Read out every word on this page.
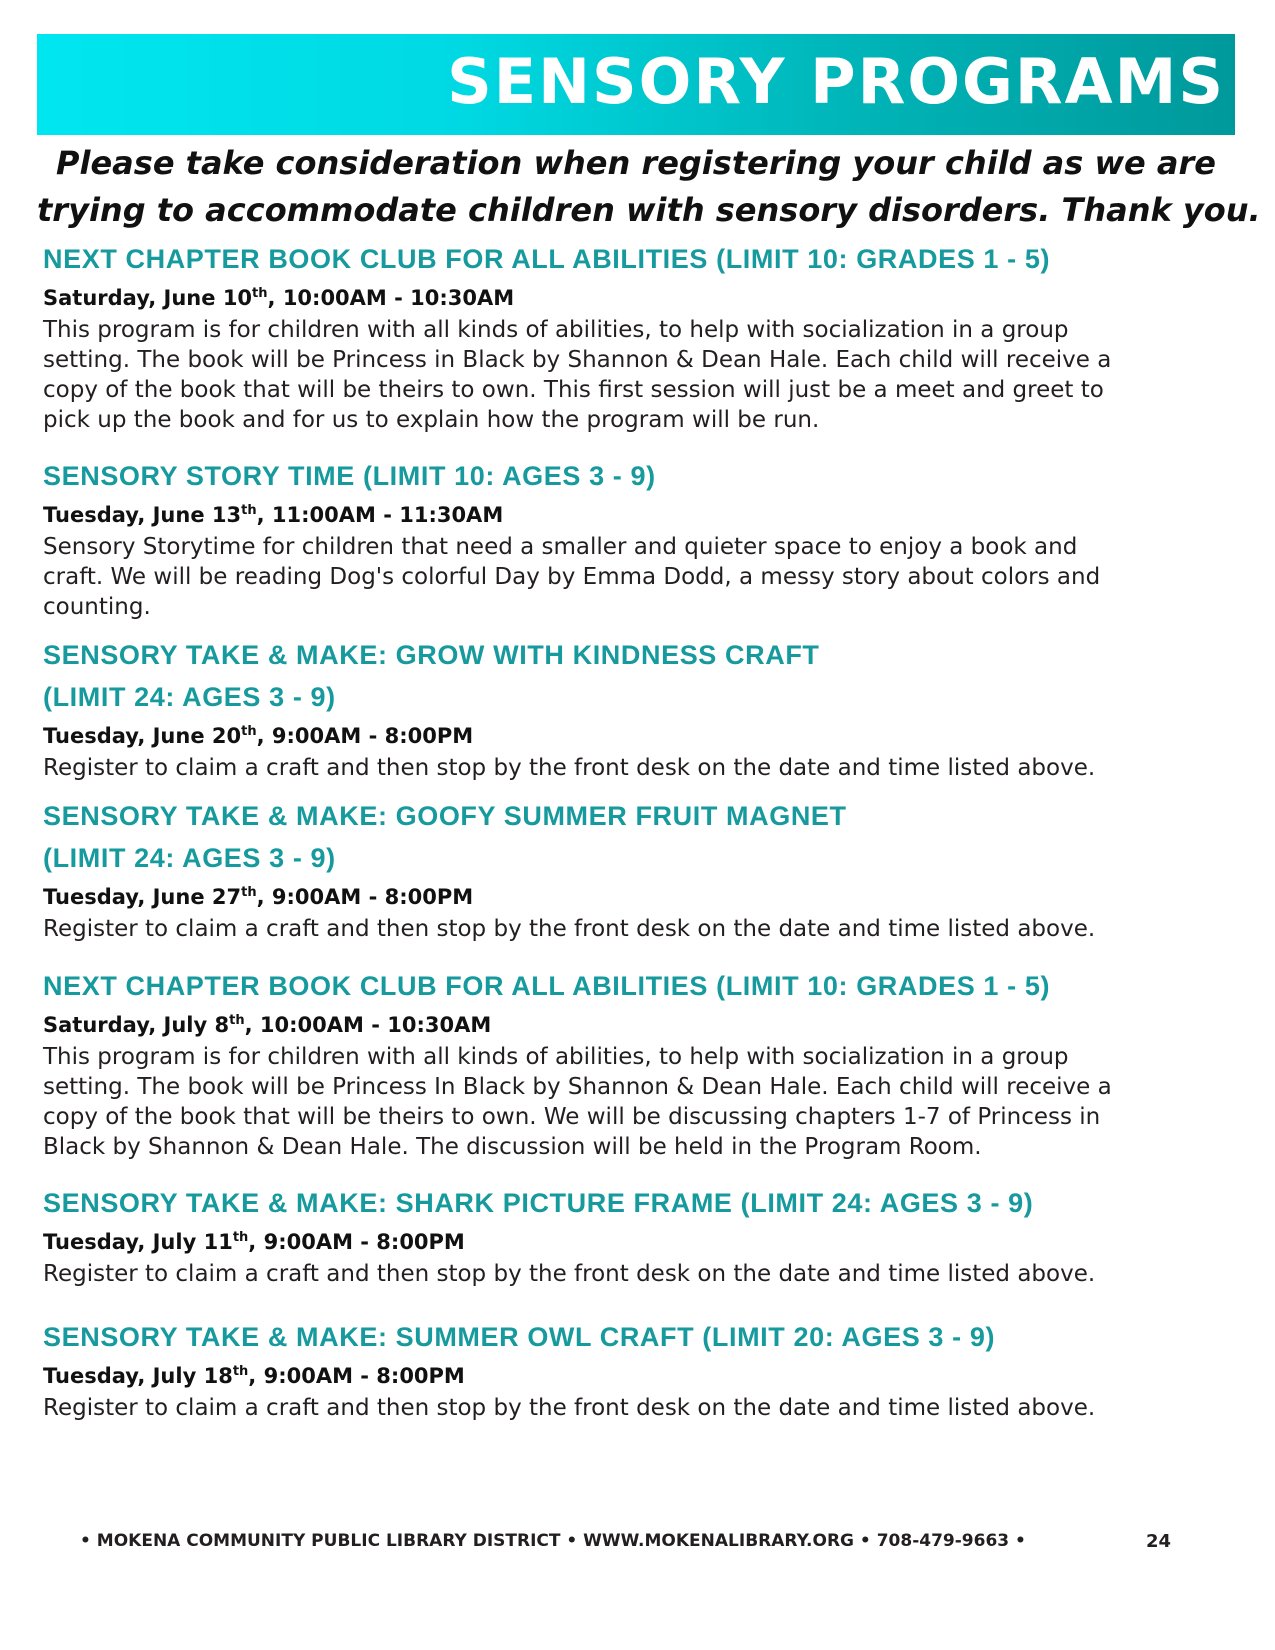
SENSORY PROGRAMS
Please take consideration when registering your child as we are
trying to accommodate children with sensory disorders. Thank you.
NEXT CHAPTER BOOK CLUB FOR ALL ABILITIES (LIMIT 10: GRADES 1 - 5)
Saturday, June 10th, 10:00AM - 10:30AM
This program is for children with all kinds of abilities, to help with socialization in a group
setting. The book will be Princess in Black by Shannon & Dean Hale. Each child will receive a
copy of the book that will be theirs to own. This first session will just be a meet and greet to
pick up the book and for us to explain how the program will be run.
SENSORY STORY TIME (LIMIT 10: AGES 3 - 9)
Tuesday, June 13th, 11:00AM - 11:30AM
Sensory Storytime for children that need a smaller and quieter space to enjoy a book and
craft. We will be reading Dog's colorful Day by Emma Dodd, a messy story about colors and
counting.
SENSORY TAKE & MAKE: GROW WITH KINDNESS CRAFT
(LIMIT 24: AGES 3 - 9)
Tuesday, June 20th, 9:00AM - 8:00PM
Register to claim a craft and then stop by the front desk on the date and time listed above.
SENSORY TAKE & MAKE: GOOFY SUMMER FRUIT MAGNET
(LIMIT 24: AGES 3 - 9)
Tuesday, June 27th, 9:00AM - 8:00PM
Register to claim a craft and then stop by the front desk on the date and time listed above.
NEXT CHAPTER BOOK CLUB FOR ALL ABILITIES (LIMIT 10: GRADES 1 - 5)
Saturday, July 8th, 10:00AM - 10:30AM
This program is for children with all kinds of abilities, to help with socialization in a group
setting. The book will be Princess In Black by Shannon & Dean Hale. Each child will receive a
copy of the book that will be theirs to own. We will be discussing chapters 1-7 of Princess in
Black by Shannon & Dean Hale. The discussion will be held in the Program Room.
SENSORY TAKE & MAKE: SHARK PICTURE FRAME (LIMIT 24: AGES 3 - 9)
Tuesday, July 11th, 9:00AM - 8:00PM
Register to claim a craft and then stop by the front desk on the date and time listed above.
SENSORY TAKE & MAKE: SUMMER OWL CRAFT (LIMIT 20: AGES 3 - 9)
Tuesday, July 18th, 9:00AM - 8:00PM
Register to claim a craft and then stop by the front desk on the date and time listed above.
• MOKENA COMMUNITY PUBLIC LIBRARY DISTRICT • WWW.MOKENALIBRARY.ORG • 708-479-9663 •	24
